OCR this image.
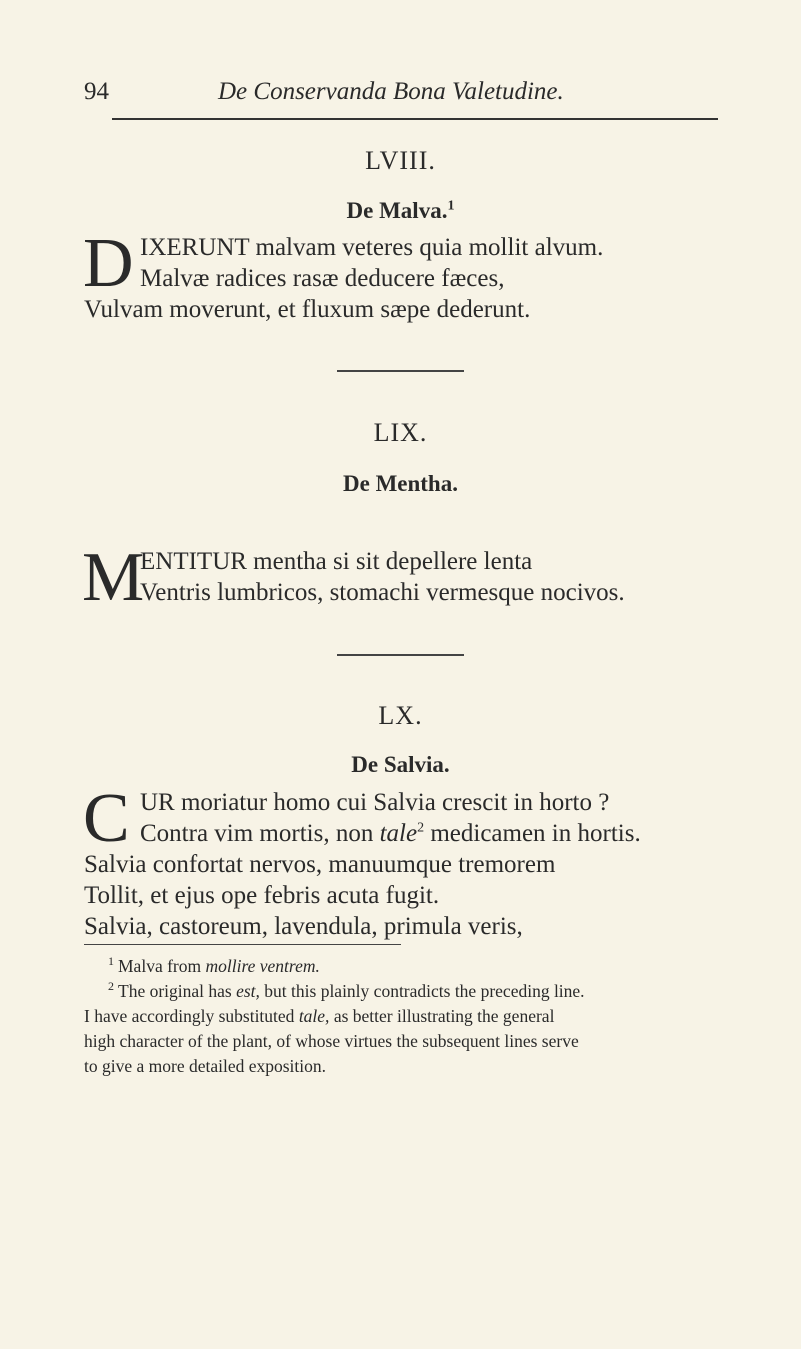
94	De Conservanda Bona Valetudine.
LVIII.
De Malva.$^1$
D IXERUNT malvam veteres quia mollit alvum.
Malvæ radices rasæ deducere fæces,
Vulvam moverunt, et fluxum sæpe dederunt.
LIX.
De Mentha.
M
ENTITUR mentha si sit depellere lenta
Ventris lumbricos, stomachi vermesque nocivos.
LX.
De Salvia.
C UR moriatur homo cui Salvia crescit in horto ?
Contra vim mortis, non tale$^2$ medicamen in hortis.
Salvia confortat nervos, manuumque tremorem
Tollit, et ejus ope febris acuta fugit.
Salvia, castoreum, lavendula, primula veris,
$^1$ Malva from mollire ventrem.
$^2$ The original has est, but this plainly contradicts the preceding line.
I have accordingly substituted tale, as better illustrating the general
high character of the plant, of whose virtues the subsequent lines serve
to give a more detailed exposition.
